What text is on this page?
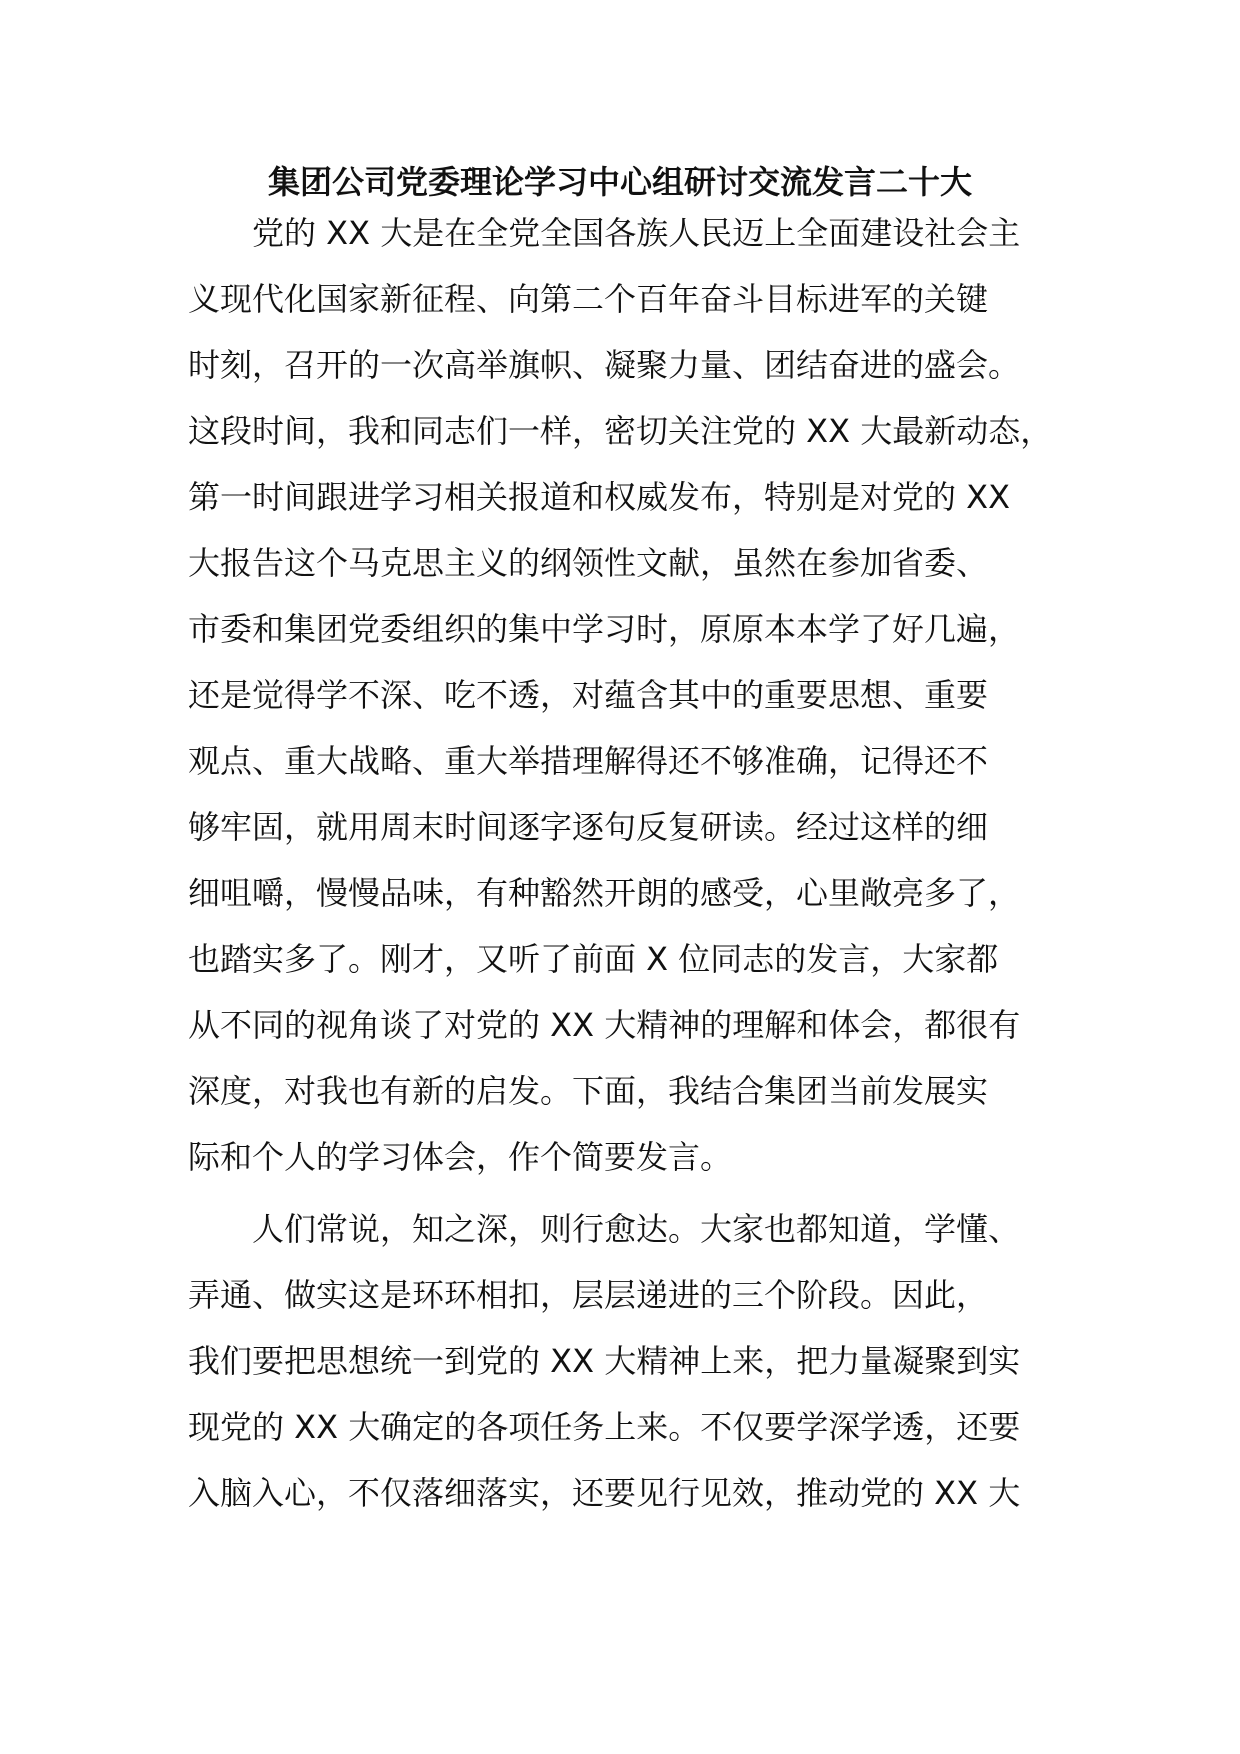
集团公司党委理论学习中心组研讨交流发言二十大
党的 XX 大是在全党全国各族人民迈上全面建设社会主
义现代化国家新征程、向第二个百年奋斗目标进军的关键
时刻，召开的一次高举旗帜、凝聚力量、团结奋进的盛会。
这段时间，我和同志们一样，密切关注党的 XX 大最新动态，
第一时间跟进学习相关报道和权威发布，特别是对党的 XX
大报告这个马克思主义的纲领性文献，虽然在参加省委、
市委和集团党委组织的集中学习时，原原本本学了好几遍，
还是觉得学不深、吃不透，对蕴含其中的重要思想、重要
观点、重大战略、重大举措理解得还不够准确，记得还不
够牢固，就用周末时间逐字逐句反复研读。经过这样的细
细咀嚼，慢慢品味，有种豁然开朗的感受，心里敞亮多了，
也踏实多了。刚才，又听了前面 X 位同志的发言，大家都
从不同的视角谈了对党的 XX 大精神的理解和体会，都很有
深度，对我也有新的启发。下面，我结合集团当前发展实
际和个人的学习体会，作个简要发言。
人们常说，知之深，则行愈达。大家也都知道，学懂、
弄通、做实这是环环相扣，层层递进的三个阶段。因此，
我们要把思想统一到党的 XX 大精神上来，把力量凝聚到实
现党的 XX 大确定的各项任务上来。不仅要学深学透，还要
入脑入心，不仅落细落实，还要见行见效，推动党的 XX 大
